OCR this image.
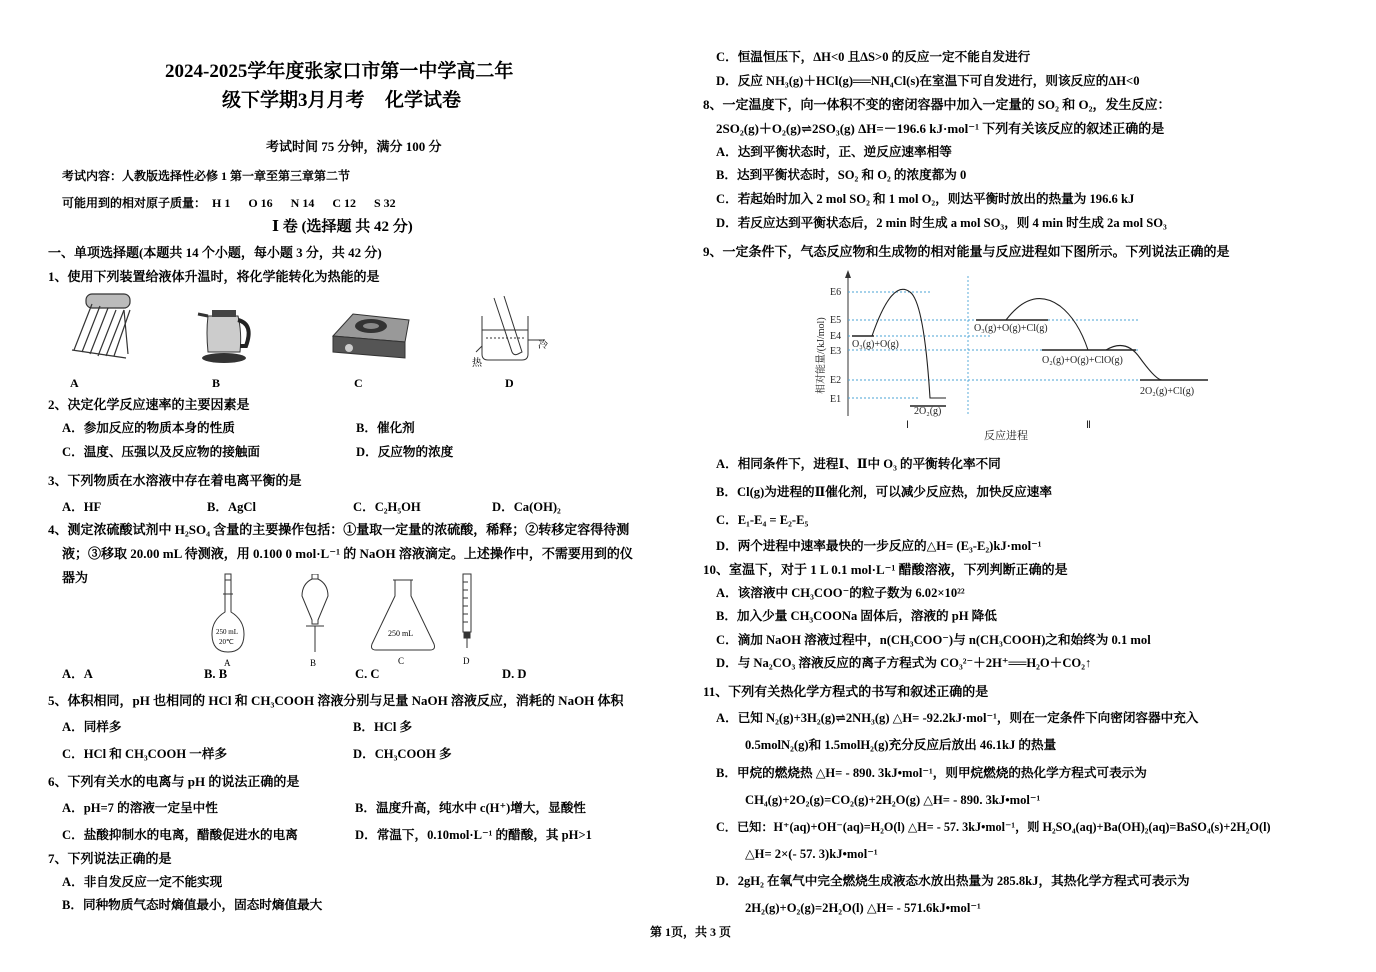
2024-2025学年度张家口市第一中学高二年
级下学期3月月考 化学试卷
考试时间 75 分钟，满分 100 分
考试内容：人教版选择性必修 1 第一章至第三章第二节
可能用到的相对原子质量：  H 1      O 16      N 14      C 12      S 32
Ⅰ 卷 (选择题 共 42 分)
一、单项选择题(本题共 14 个小题，每小题 3 分，共 42 分)
1、使用下列装置给液体升温时，将化学能转化为热能的是
热
冷
A	B	C	D
2、决定化学反应速率的主要因素是
A．参加反应的物质本身的性质	B．催化剂
C．温度、压强以及反应物的接触面	D．反应物的浓度
3、下列物质在水溶液中存在着电离平衡的是
A．HF	B．AgCl	C．C₂H₅OH	D．Ca(OH)₂
4、测定浓硫酸试剂中 H₂SO₄ 含量的主要操作包括：①量取一定量的浓硫酸，稀释；②转移定容得待测
液；③移取 20.00 mL 待测液，用 0.100 0 mol·L⁻¹ 的 NaOH 溶液滴定。上述操作中，不需要用到的仪
器为
250 mL
20℃
A	B
250 mL
C	D
A．A	B. B	C. C	D. D
5、体积相同，pH 也相同的 HCl 和 CH₃COOH 溶液分别与足量 NaOH 溶液反应，消耗的 NaOH 体积
A．同样多	B．HCl 多
C．HCl 和 CH₃COOH 一样多	D．CH₃COOH 多
6、下列有关水的电离与 pH 的说法正确的是
A．pH=7 的溶液一定呈中性	B．温度升高，纯水中 c(H⁺)增大，显酸性
C．盐酸抑制水的电离，醋酸促进水的电离	D．常温下，0.10mol·L⁻¹ 的醋酸，其 pH>1
7、下列说法正确的是
A．非自发反应一定不能实现
B．同种物质气态时熵值最小，固态时熵值最大
C．恒温恒压下，ΔH<0 且ΔS>0 的反应一定不能自发进行
D．反应 NH₃(g)＋HCl(g)══NH₄Cl(s)在室温下可自发进行，则该反应的ΔH<0
8、一定温度下，向一体积不变的密闭容器中加入一定量的 SO₂ 和 O₂，发生反应：
2SO₂(g)＋O₂(g)⇌2SO₃(g) ΔH=－196.6 kJ·mol⁻¹ 下列有关该反应的叙述正确的是
A．达到平衡状态时，正、逆反应速率相等
B．达到平衡状态时，SO₂ 和 O₂ 的浓度都为 0
C．若起始时加入 2 mol SO₂ 和 1 mol O₂，则达平衡时放出的热量为 196.6 kJ
D．若反应达到平衡状态后，2 min 时生成 a mol SO₃，则 4 min 时生成 2a mol SO₃
9、一定条件下，气态反应物和生成物的相对能量与反应进程如下图所示。下列说法正确的是
E6
E5
E4
E3
E2
E1
相对能量/(kJ/mol)	O₃(g)+O(g)
2O₂(g)
O₃(g)+O(g)+Cl(g)
O₂(g)+O(g)+ClO(g)
2O₂(g)+Cl(g)
Ⅰ	Ⅱ
反应进程
A．相同条件下，进程Ⅰ、Ⅱ中 O₃ 的平衡转化率不同
B．Cl(g)为进程的Ⅱ催化剂，可以减少反应热，加快反应速率
C．E₁-E₄ = E₂-E₅
D．两个进程中速率最快的一步反应的△H= (E₃-E₂)kJ·mol⁻¹
10、室温下，对于 1 L 0.1 mol·L⁻¹ 醋酸溶液，下列判断正确的是
A．该溶液中 CH₃COO⁻的粒子数为 6.02×10²²
B．加入少量 CH₃COONa 固体后，溶液的 pH 降低
C．滴加 NaOH 溶液过程中，n(CH₃COO⁻)与 n(CH₃COOH)之和始终为 0.1 mol
D．与 Na₂CO₃ 溶液反应的离子方程式为 CO₃²⁻＋2H⁺══H₂O＋CO₂↑
11、下列有关热化学方程式的书写和叙述正确的是
A．已知 N₂(g)+3H₂(g)⇌2NH₃(g) △H= -92.2kJ·mol⁻¹，则在一定条件下向密闭容器中充入
0.5molN₂(g)和 1.5molH₂(g)充分反应后放出 46.1kJ 的热量
B．甲烷的燃烧热 △H= - 890. 3kJ•mol⁻¹，则甲烷燃烧的热化学方程式可表示为
CH₄(g)+2O₂(g)=CO₂(g)+2H₂O(g) △H= - 890. 3kJ•mol⁻¹
C．已知：H⁺(aq)+OH⁻(aq)=H₂O(l) △H= - 57. 3kJ•mol⁻¹，则 H₂SO₄(aq)+Ba(OH)₂(aq)=BaSO₄(s)+2H₂O(l)
△H= 2×(- 57. 3)kJ•mol⁻¹
D．2gH₂ 在氧气中完全燃烧生成液态水放出热量为 285.8kJ，其热化学方程式可表示为
2H₂(g)+O₂(g)=2H₂O(l) △H= - 571.6kJ•mol⁻¹
第 1页，共 3 页
